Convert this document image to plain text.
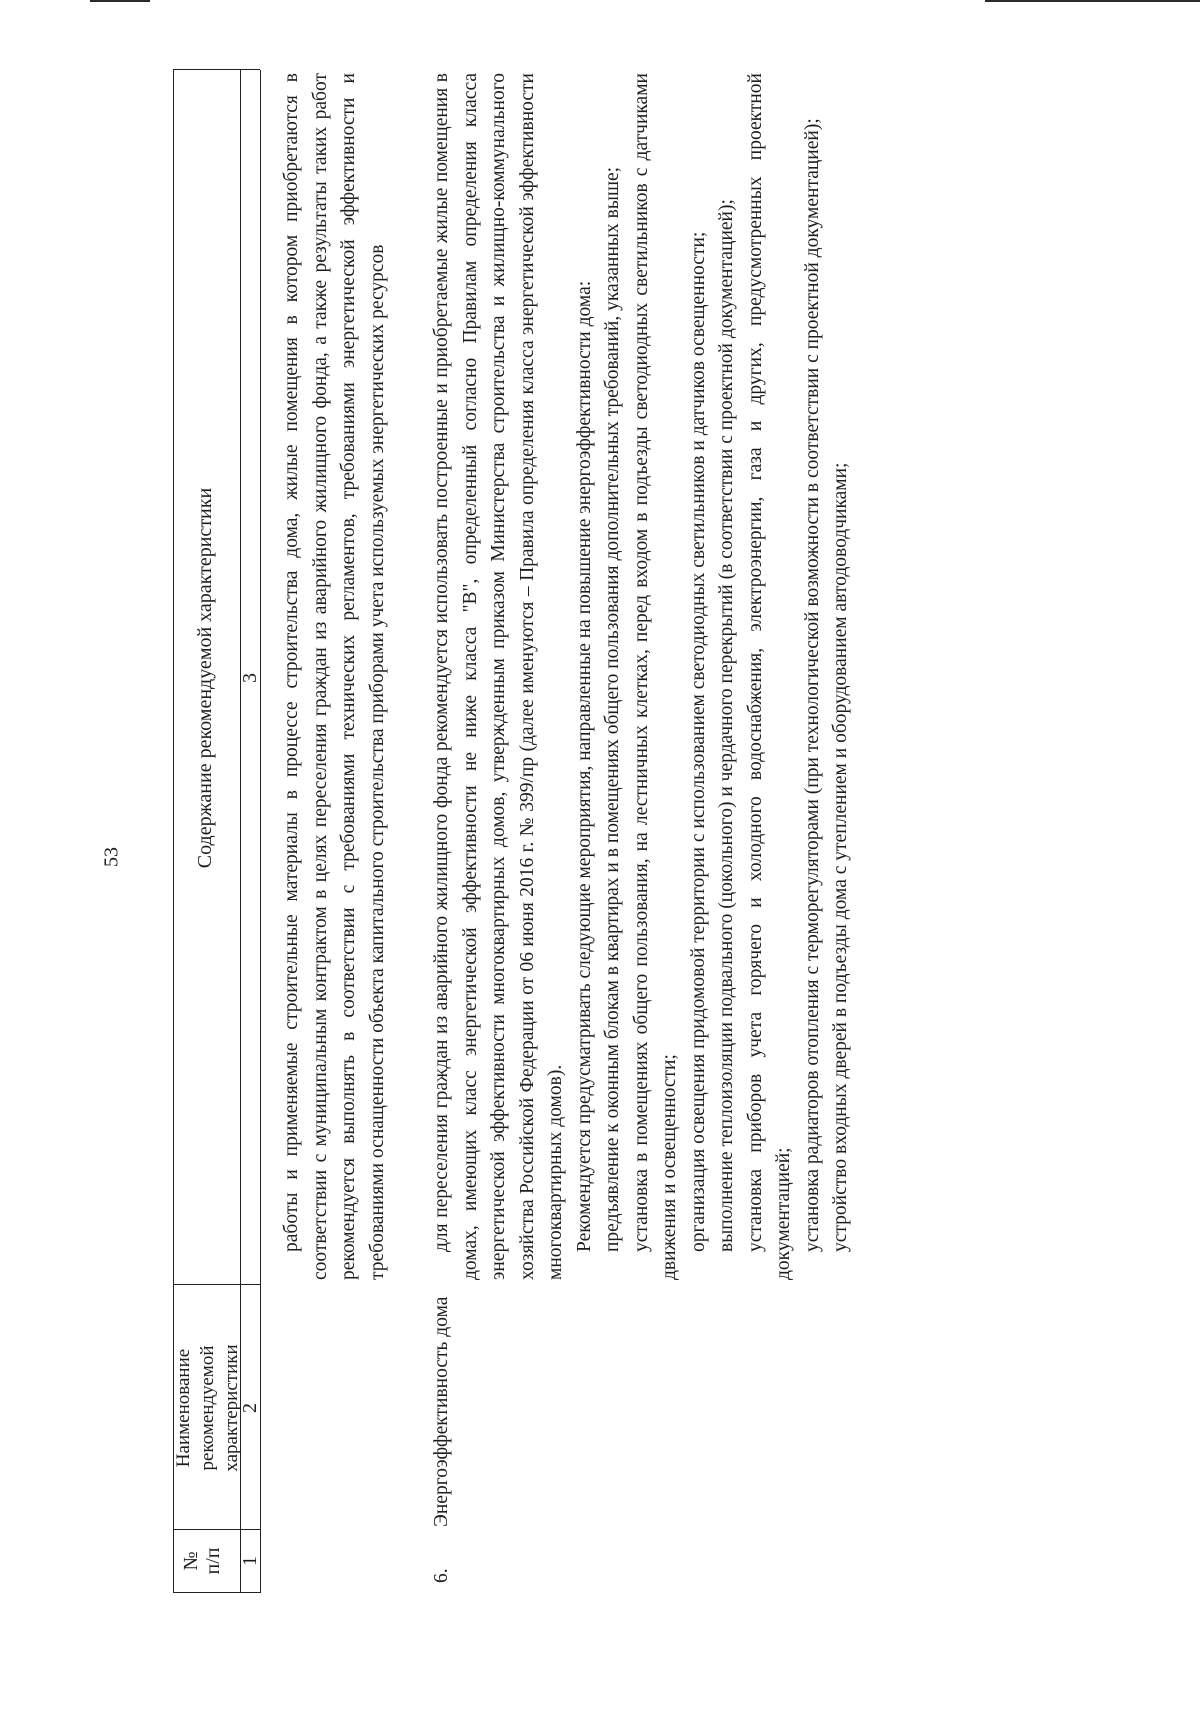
53
№
п/п
Наименование рекомендуемой характеристики
Содержание рекомендуемой характеристики
1
2
3 работы и применяемые строительные материалы в процессе строительства дома, жилые помещения в котором приобретаются в соответствии с муниципальным контрактом в целях переселения граждан из аварийного жилищного фонда, а также результаты таких работ рекомендуется выполнять в соответствии с требованиями технических регламентов, требованиями энергетической эффективности и требованиями оснащенности объекта капитального строительства приборами учета используемых энергетических ресурсов

6.
Энергоэффективность дома

для переселения граждан из аварийного жилищного фонда рекомендуется использовать построенные и приобретаемые жилые помещения в домах, имеющих класс энергетической эффективности не ниже класса "В", определенный согласно Правилам определения класса энергетической эффективности многоквартирных домов, утвержденным приказом Министерства строительства и жилищно-коммунального хозяйства Российской Федерации от 06 июня 2016 г. № 399/пр (далее именуются – Правила определения класса энергетической эффективности многоквартирных домов). Рекомендуется предусматривать следующие мероприятия, направленные на повышение энергоэффективности дома: предъявление к оконным блокам в квартирах и в помещениях общего пользования дополнительных требований, указанных выше; установка в помещениях общего пользования, на лестничных клетках, перед входом в подъезды светодиодных светильников с датчиками движения и освещенности; организация освещения придомовой территории с использованием светодиодных светильников и датчиков освещенности; выполнение теплоизоляции подвального (цокольного) и чердачного перекрытий (в соответствии с проектной документацией); установка приборов учета горячего и холодного водоснабжения, электроэнергии, газа и других, предусмотренных проектной документацией; установка радиаторов отопления с терморегуляторами (при технологической возможности в соответствии с проектной документацией); устройство входных дверей в подъезды дома с утеплением и оборудованием автодоводчиками;
